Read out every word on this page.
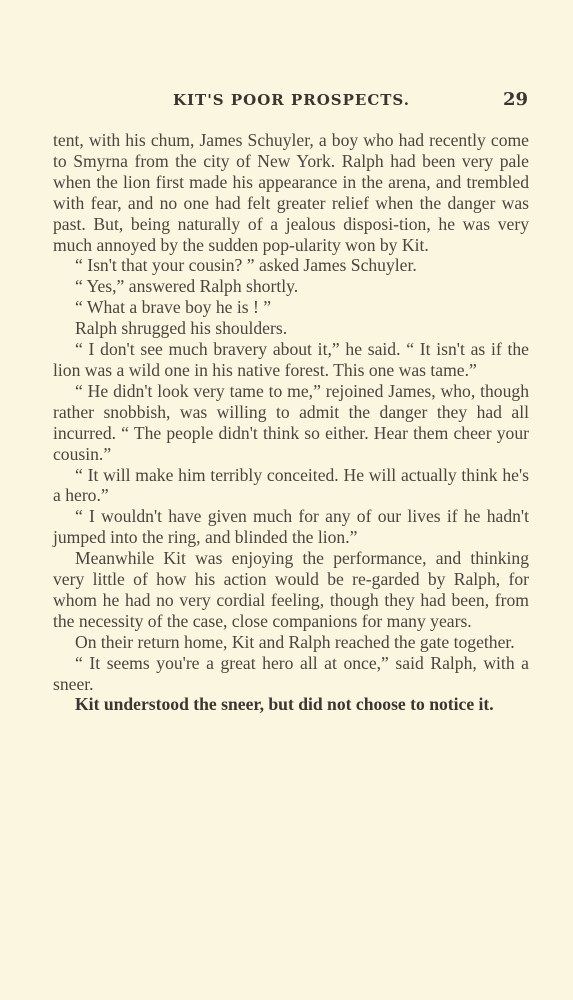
KIT'S POOR PROSPECTS.	29

tent, with his chum, James Schuyler, a boy who had recently come to Smyrna from the city of New York. Ralph had been very pale when the lion first made his appearance in the arena, and trembled with fear, and no one had felt greater relief when the danger was past. But, being naturally of a jealous disposi-tion, he was very much annoyed by the sudden pop-ularity won by Kit.

“ Isn't that your cousin? ” asked James Schuyler.

“ Yes,” answered Ralph shortly.

“ What a brave boy he is ! ”

Ralph shrugged his shoulders.

“ I don't see much bravery about it,” he said. “ It isn't as if the lion was a wild one in his native forest. This one was tame.”

“ He didn't look very tame to me,” rejoined James, who, though rather snobbish, was willing to admit the danger they had all incurred. “ The people didn't think so either. Hear them cheer your cousin.”

“ It will make him terribly conceited. He will actually think he's a hero.”

“ I wouldn't have given much for any of our lives if he hadn't jumped into the ring, and blinded the lion.”

Meanwhile Kit was enjoying the performance, and thinking very little of how his action would be re-garded by Ralph, for whom he had no very cordial feeling, though they had been, from the necessity of the case, close companions for many years.

On their return home, Kit and Ralph reached the gate together.

“ It seems you're a great hero all at once,” said Ralph, with a sneer.

Kit understood the sneer, but did not choose to notice it.
